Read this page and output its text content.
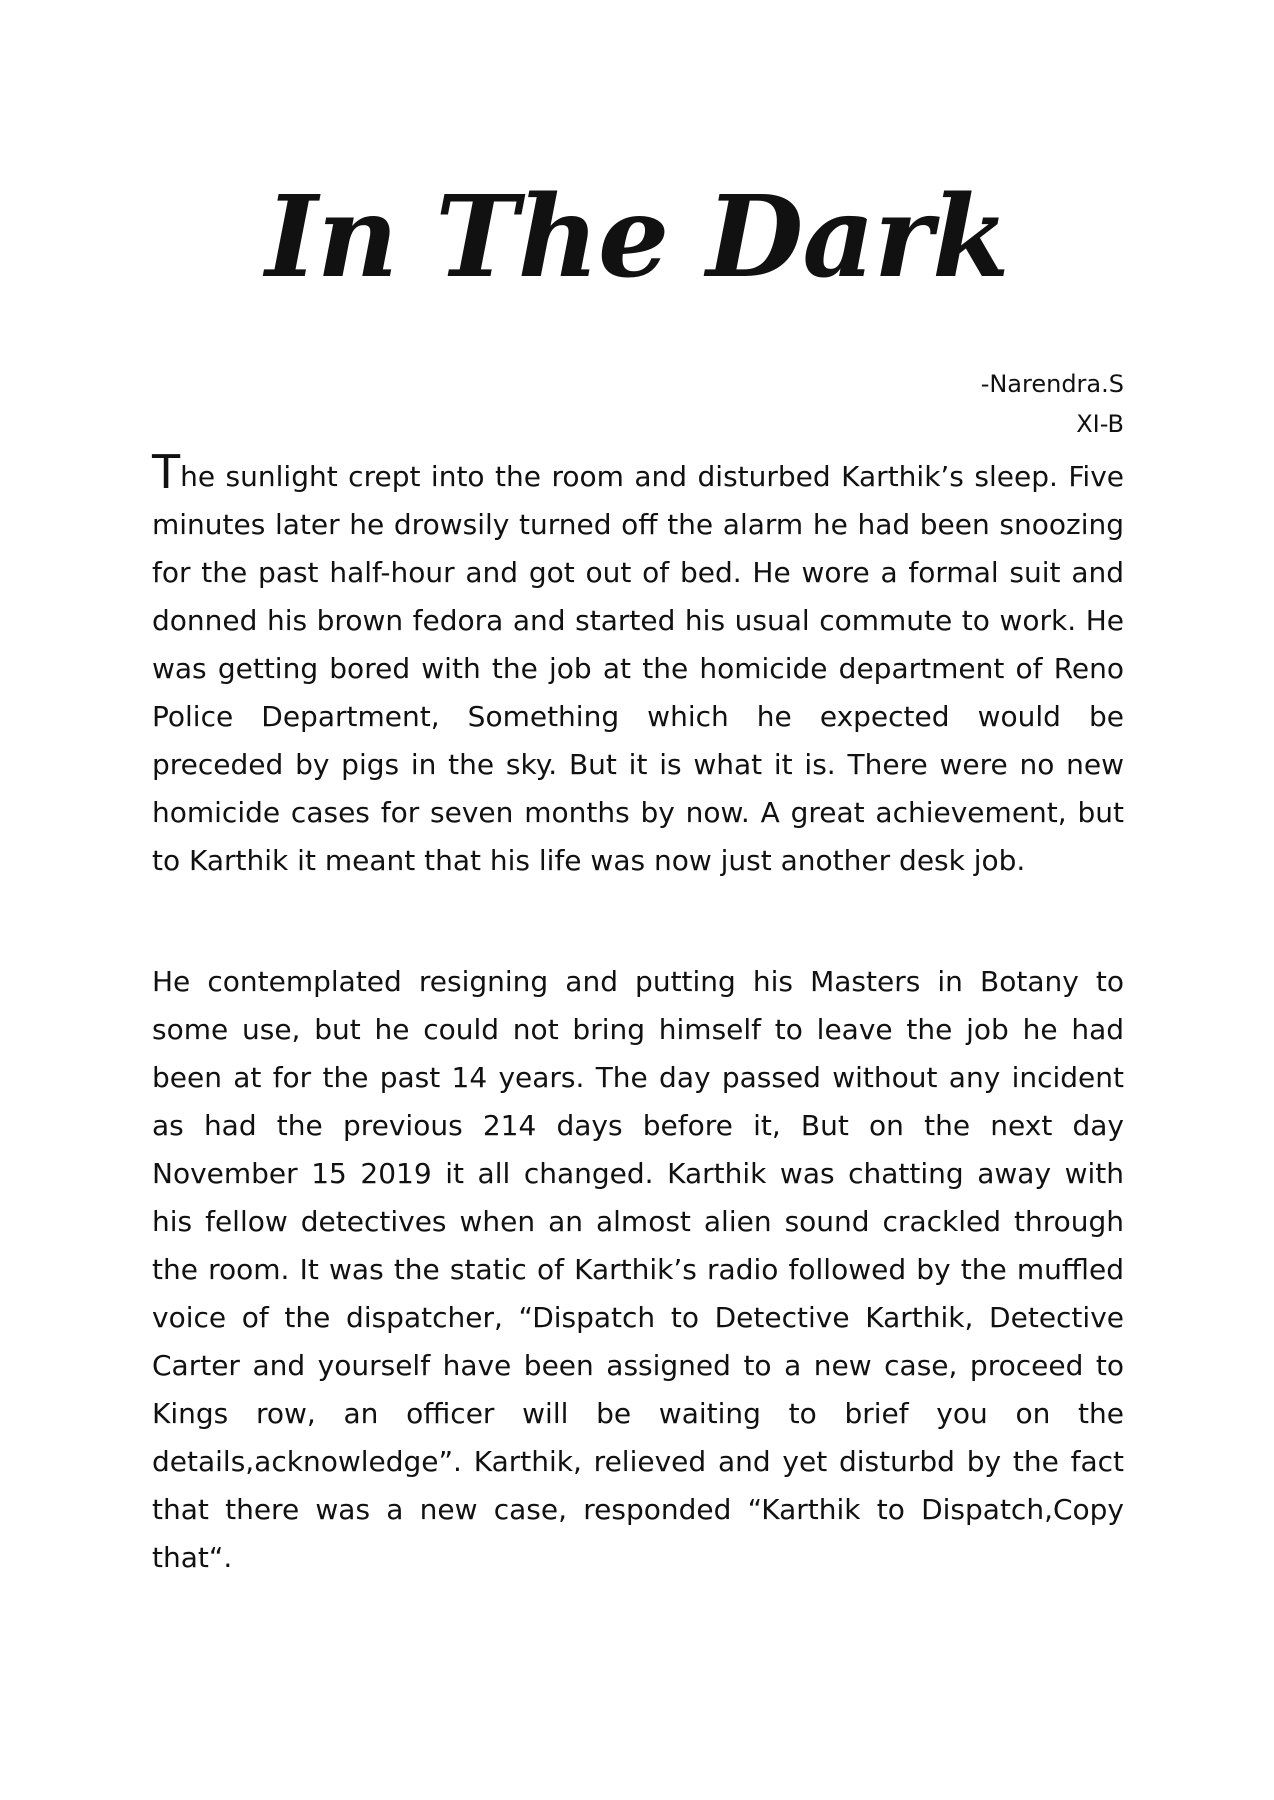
In The Dark
-Narendra.S
XI-B

The sunlight crept into the room and disturbed Karthik’s sleep. Five minutes later he drowsily turned off the alarm he had been snoozing for the past half-hour and got out of bed. He wore a formal suit and donned his brown fedora and started his usual commute to work. He was getting bored with the job at the homicide department of Reno Police Department, Something which he expected would be preceded by pigs in the sky. But it is what it is. There were no new homicide cases for seven months by now. A great achievement, but to Karthik it meant that his life was now just another desk job.

He contemplated resigning and putting his Masters in Botany to some use, but he could not bring himself to leave the job he had been at for the past 14 years. The day passed without any incident as had the previous 214 days before it, But on the next day November 15 2019 it all changed. Karthik was chatting away with his fellow detectives when an almost alien sound crackled through the room. It was the static of Karthik’s radio followed by the muffled voice of the dispatcher, “Dispatch to Detective Karthik, Detective Carter and yourself have been assigned to a new case, proceed to Kings row, an officer will be waiting to brief you on the details,acknowledge”. Karthik, relieved and yet disturbd by the fact that there was a new case, responded “Karthik to Dispatch,Copy that“.
